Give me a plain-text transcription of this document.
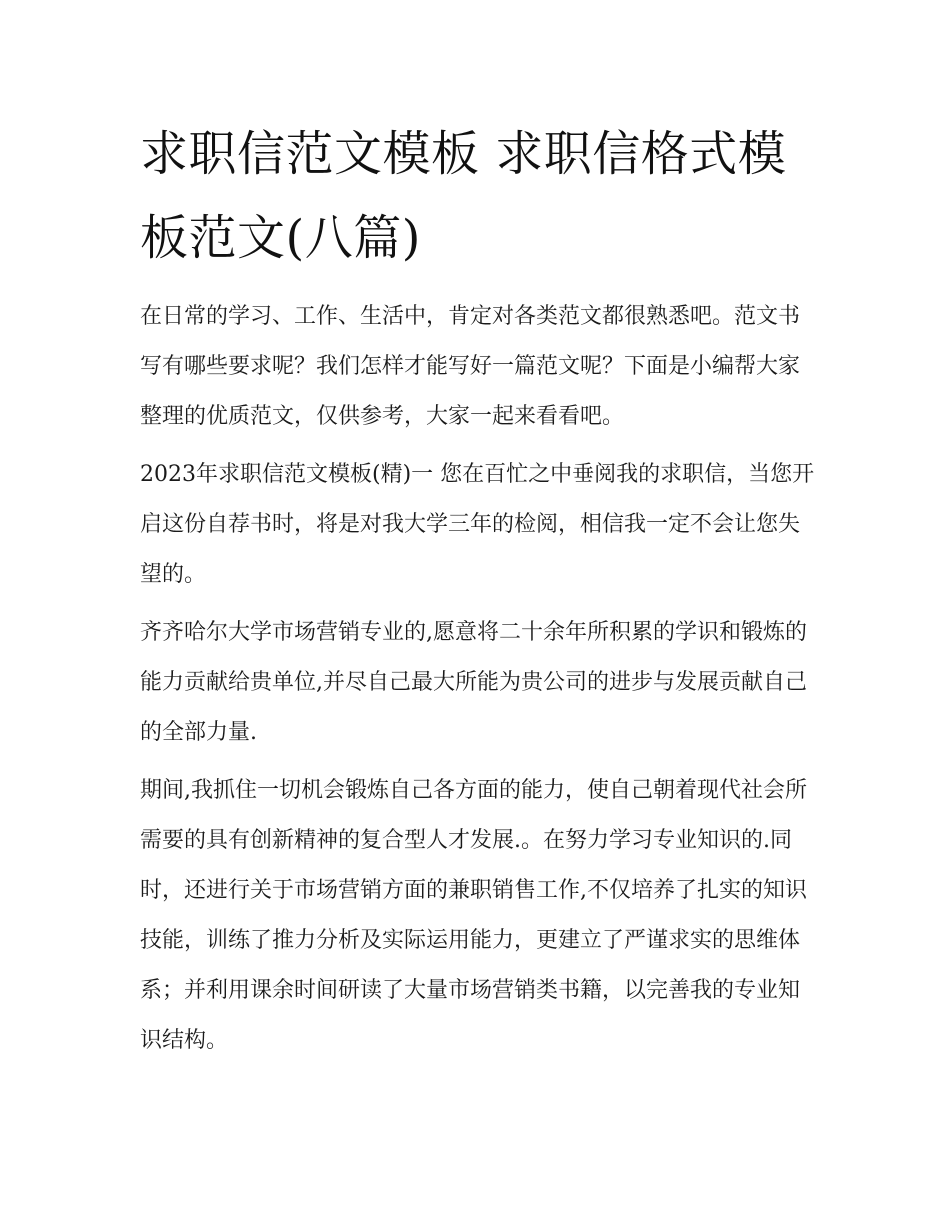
求职信范文模板 求职信格式模板范文(八篇)

在日常的学习、工作、生活中，肯定对各类范文都很熟悉吧。范文书写有哪些要求呢？我们怎样才能写好一篇范文呢？下面是小编帮大家整理的优质范文，仅供参考，大家一起来看看吧。

2023年求职信范文模板(精)一 您在百忙之中垂阅我的求职信，当您开启这份自荐书时，将是对我大学三年的检阅，相信我一定不会让您失望的。

齐齐哈尔大学市场营销专业的,愿意将二十余年所积累的学识和锻炼的能力贡献给贵单位,并尽自己最大所能为贵公司的进步与发展贡献自己的全部力量.

期间,我抓住一切机会锻炼自己各方面的能力，使自己朝着现代社会所需要的具有创新精神的复合型人才发展.。在努力学习专业知识的.同时，还进行关于市场营销方面的兼职销售工作,不仅培养了扎实的知识技能，训练了推力分析及实际运用能力，更建立了严谨求实的思维体系；并利用课余时间研读了大量市场营销类书籍，以完善我的专业知识结构。
